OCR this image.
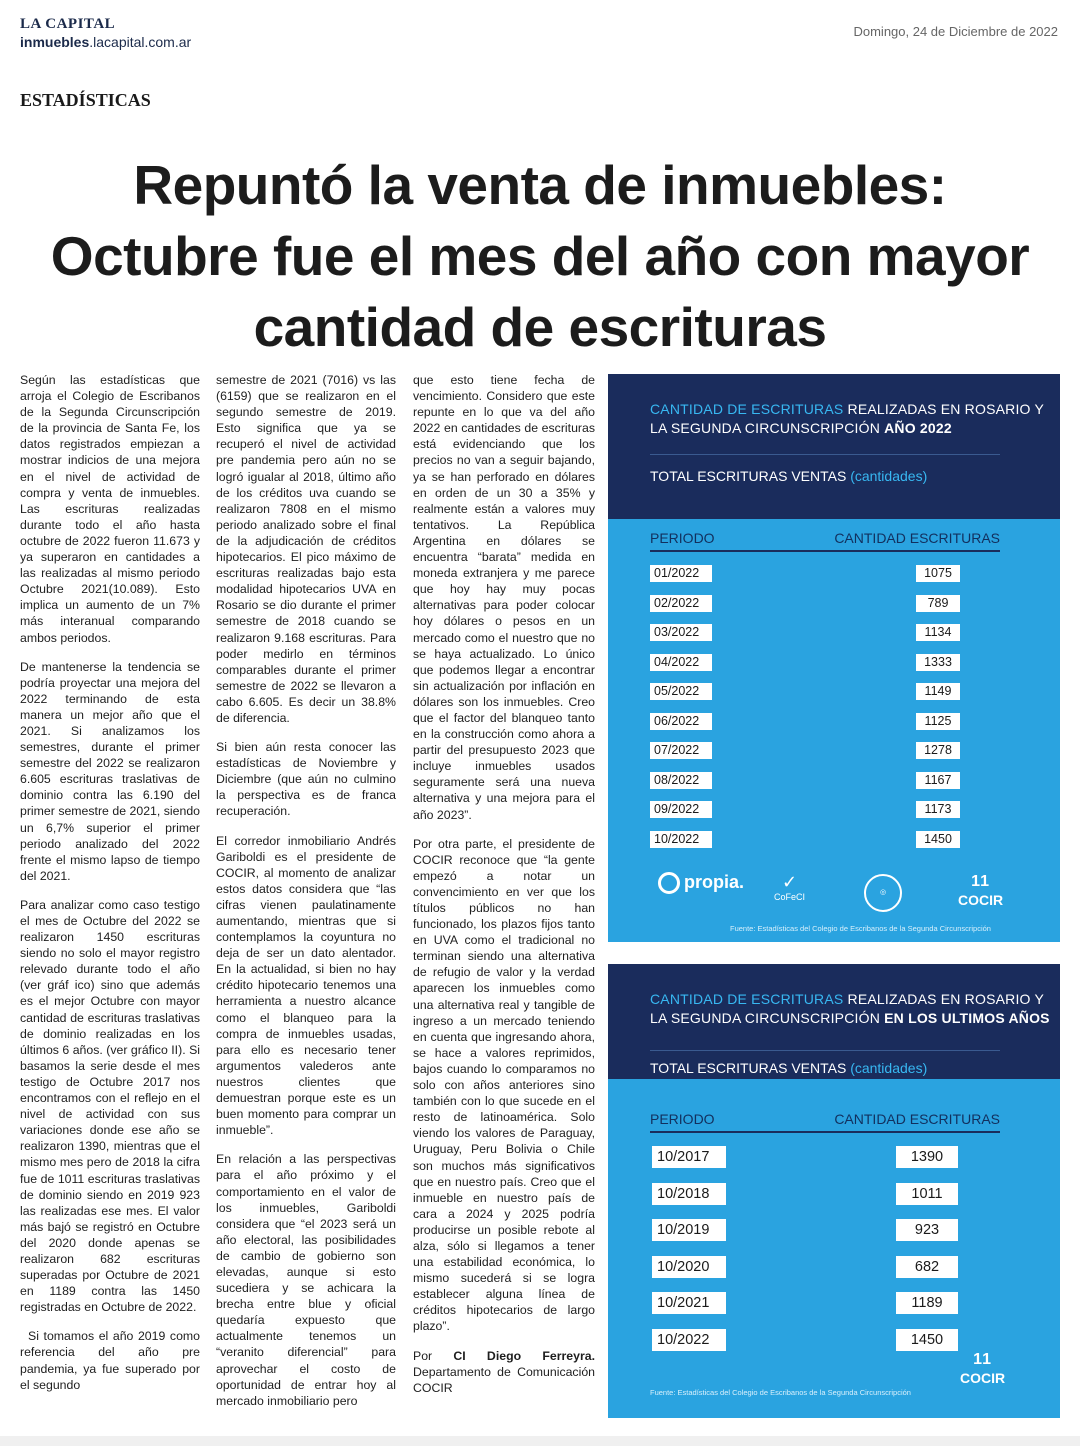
LA CAPITAL
inmuebles.lacapital.com.ar
Domingo, 24 de Diciembre de 2022
ESTADÍSTICAS
Repuntó la venta de inmuebles: Octubre fue el mes del año con mayor cantidad de escrituras

Según las estadísticas que arroja el Colegio de Escribanos de la Segunda Circunscripción de la provincia de Santa Fe, los datos registrados empiezan a mostrar indicios de una mejora en el nivel de actividad de compra y venta de inmuebles. Las escrituras realizadas durante todo el año hasta octubre de 2022 fueron 11.673 y ya superaron en cantidades a las realizadas al mismo periodo Octubre 2021(10.089). Esto implica un aumento de un 7% más interanual comparando ambos periodos.

De mantenerse la tendencia se podría proyectar una mejora del 2022 terminando de esta manera un mejor año que el 2021. Si analizamos los semestres, durante el primer semestre del 2022 se realizaron 6.605 escrituras traslativas de dominio contra las 6.190 del primer semestre de 2021, siendo un 6,7% superior el primer periodo analizado del 2022 frente el mismo lapso de tiempo del 2021.

Para analizar como caso testigo el mes de Octubre del 2022 se realizaron 1450 escrituras siendo no solo el mayor registro relevado durante todo el año (ver gráf ico) sino que además es el mejor Octubre con mayor cantidad de escrituras traslativas de dominio realizadas en los últimos 6 años. (ver gráfico II). Si basamos la serie desde el mes testigo de Octubre 2017 nos encontramos con el reflejo en el nivel de actividad con sus variaciones donde ese año se realizaron 1390, mientras que el mismo mes pero de 2018 la cifra fue de 1011 escrituras traslativas de dominio siendo en 2019 923 las realizadas ese mes. El valor más bajó se registró en Octubre del 2020 donde apenas se realizaron 682 escrituras superadas por Octubre de 2021 en 1189 contra las 1450 registradas en Octubre de 2022.

Si tomamos el año 2019 como referencia del año pre pandemia, ya fue superado por el segundo

semestre de 2021 (7016) vs las (6159) que se realizaron en el segundo semestre de 2019. Esto significa que ya se recuperó el nivel de actividad pre pandemia pero aún no se logró igualar al 2018, último año de los créditos uva cuando se realizaron 7808 en el mismo periodo analizado sobre el final de la adjudicación de créditos hipotecarios. El pico máximo de escrituras realizadas bajo esta modalidad hipotecarios UVA en Rosario se dio durante el primer semestre de 2018 cuando se realizaron 9.168 escrituras. Para poder medirlo en términos comparables durante el primer semestre de 2022 se llevaron a cabo 6.605. Es decir un 38.8% de diferencia.

Si bien aún resta conocer las estadísticas de Noviembre y Diciembre (que aún no culmino la perspectiva es de franca recuperación.

El corredor inmobiliario Andrés Gariboldi es el presidente de COCIR, al momento de analizar estos datos considera que “las cifras vienen paulatinamente aumentando, mientras que si contemplamos la coyuntura no deja de ser un dato alentador. En la actualidad, si bien no hay crédito hipotecario tenemos una herramienta a nuestro alcance como el blanqueo para la compra de inmuebles usadas, para ello es necesario tener argumentos valederos ante nuestros clientes que demuestran porque este es un buen momento para comprar un inmueble”.

En relación a las perspectivas para el año próximo y el comportamiento en el valor de los inmuebles, Gariboldi considera que “el 2023 será un año electoral, las posibilidades de cambio de gobierno son elevadas, aunque si esto sucediera y se achicara la brecha entre blue y oficial quedaría expuesto que actualmente tenemos un “veranito diferencial” para aprovechar el costo de oportunidad de entrar hoy al mercado inmobiliario pero

que esto tiene fecha de vencimiento. Considero que este repunte en lo que va del año 2022 en cantidades de escrituras está evidenciando que los precios no van a seguir bajando, ya se han perforado en dólares en orden de un 30 a 35% y realmente están a valores muy tentativos. La República Argentina en dólares se encuentra “barata” medida en moneda extranjera y me parece que hoy hay muy pocas alternativas para poder colocar hoy dólares o pesos en un mercado como el nuestro que no se haya actualizado. Lo único que podemos llegar a encontrar sin actualización por inflación en dólares son los inmuebles. Creo que el factor del blanqueo tanto en la construcción como ahora a partir del presupuesto 2023 que incluye inmuebles usados seguramente será una nueva alternativa y una mejora para el año 2023”.

Por otra parte, el presidente de COCIR reconoce que “la gente empezó a notar un convencimiento en ver que los títulos públicos no han funcionado, los plazos fijos tanto en UVA como el tradicional no terminan siendo una alternativa de refugio de valor y la verdad aparecen los inmuebles como una alternativa real y tangible de ingreso a un mercado teniendo en cuenta que ingresando ahora, se hace a valores reprimidos, bajos cuando lo comparamos no solo con años anteriores sino también con lo que sucede en el resto de latinoamérica. Solo viendo los valores de Paraguay, Uruguay, Peru Bolivia o Chile son muchos más significativos que en nuestro país. Creo que el inmueble en nuestro país de cara a 2024 y 2025 podría producirse un posible rebote al alza, sólo si llegamos a tener una estabilidad económica, lo mismo sucederá si se logra establecer alguna línea de créditos hipotecarios de largo plazo”.

Por CI Diego Ferreyra. Departamento de Comunicación COCIR

CANTIDAD DE ESCRITURAS REALIZADAS EN ROSARIO Y LA SEGUNDA CIRCUNSCRIPCIÓN AÑO 2022
TOTAL ESCRITURAS VENTAS (cantidades)
PERIODO	CANTIDAD ESCRITURAS
01/2022	1075
02/2022	789
03/2022	1134
04/2022	1333
05/2022	1149
06/2022	1125
07/2022	1278
08/2022	1167
09/2022	1173
10/2022	1450
propia.	✓
CoFeCI	◎
11
COCIR
Fuente: Estadísticas del Colegio de Escribanos de la Segunda Circunscripción
CANTIDAD DE ESCRITURAS REALIZADAS EN ROSARIO Y LA SEGUNDA CIRCUNSCRIPCIÓN EN LOS ULTIMOS AÑOS
TOTAL ESCRITURAS VENTAS (cantidades)
PERIODO	CANTIDAD ESCRITURAS
10/2017	1390
10/2018	1011
10/2019	923
10/2020	682
10/2021	1189
10/2022	1450
Fuente: Estadísticas del Colegio de Escribanos de la Segunda Circunscripción
11
COCIR
